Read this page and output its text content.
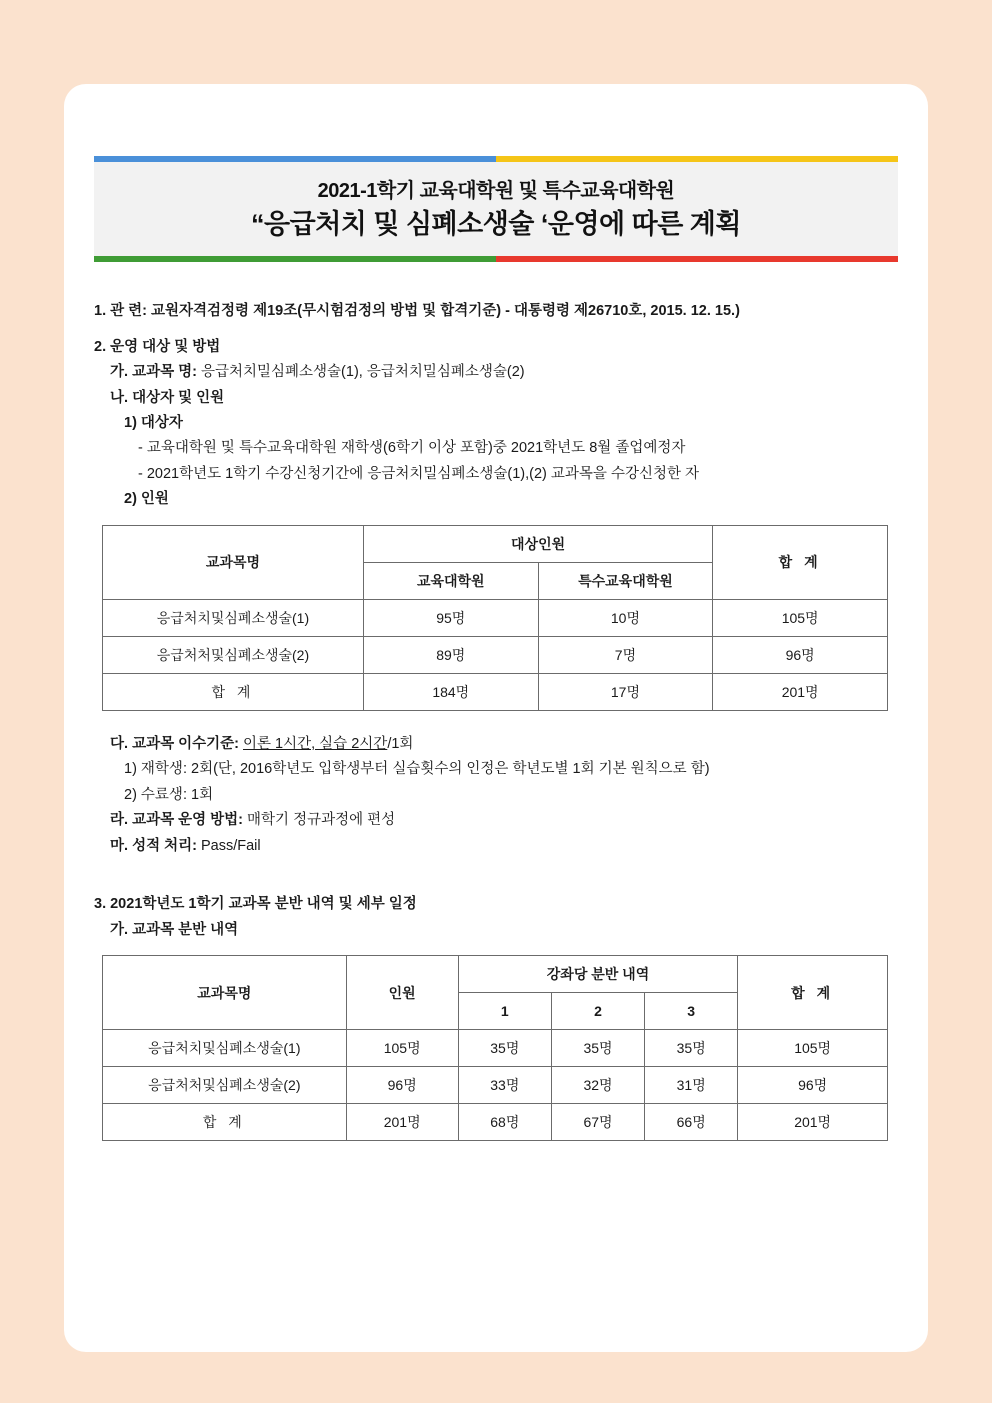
2021-1학기 교육대학원 및 특수교육대학원
“응급처치 및 심폐소생술 ‘운영에 따른 계획
1. 관 련: 교원자격검정령 제19조(무시험검정의 방법 및 합격기준) - 대통령령 제26710호, 2015. 12. 15.)
2. 운영 대상 및 방법
가. 교과목 명: 응급처치밀심폐소생술(1), 응급처치밀심폐소생술(2)
나. 대상자 및 인원
1) 대상자
- 교육대학원 및 특수교육대학원 재학생(6학기 이상 포함)중 2021학년도 8월 졸업예정자
- 2021학년도 1학기 수강신청기간에 응금처치밀심폐소생술(1),(2) 교과목을 수강신청한 자
2) 인원
교과목명	대상인원		합 계
	교육대학원	특수교육대학원	
응급처치및심폐소생술(1)	95명	10명	105명
응급처처및심폐소생술(2)	89명	7명	96명
합 계	184명	17명	201명
다. 교과목 이수기준: 이론 1시간, 실습 2시간/1회
1) 재학생: 2회(단, 2016학년도 입학생부터 실습횟수의 인정은 학년도별 1회 기본 원칙으로 함)
2) 수료생: 1회
라. 교과목 운영 방법: 매학기 정규과정에 편성
마. 성적 처리: Pass/Fail
3. 2021학년도 1학기 교과목 분반 내역 및 세부 일정
가. 교과목 분반 내역
교과목명	인원	강좌당 분반 내역			합 계
		1	2	3	
응급처치및심폐소생술(1)	105명	35명	35명	35명	105명
응급처처및심폐소생술(2)	96명	33명	32명	31명	96명
합 계	201명	68명	67명	66명	201명
